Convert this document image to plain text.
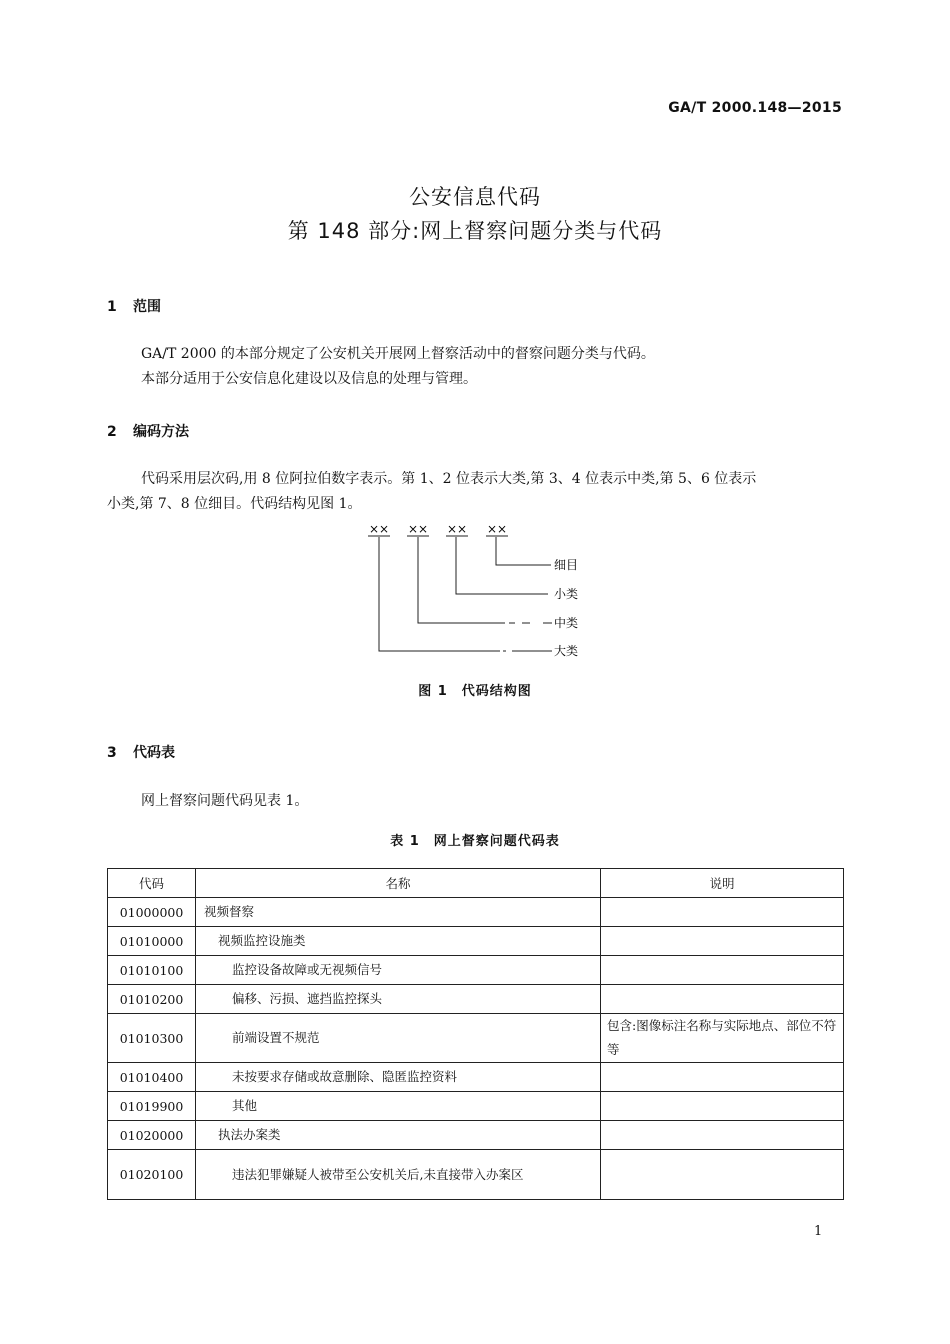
GA/T 2000.148—2015
公安信息代码
第 148 部分:网上督察问题分类与代码
1 范围
GA/T 2000 的本部分规定了公安机关开展网上督察活动中的督察问题分类与代码。
本部分适用于公安信息化建设以及信息的处理与管理。
2 编码方法
代码采用层次码,用 8 位阿拉伯数字表示。第 1、2 位表示大类,第 3、4 位表示中类,第 5、6 位表示
小类,第 7、8 位细目。代码结构见图 1。
×× ×× ×× ××
细目
小类
中类
大类
图 1　代码结构图
3 代码表
网上督察问题代码见表 1。
表 1　网上督察问题代码表
代码	名称	说明
01000000	视频督察	
01010000	视频监控设施类	
01010100	监控设备故障或无视频信号	
01010200	偏移、污损、遮挡监控探头	
01010300	前端设置不规范	包含:图像标注名称与实际地点、部位不符等
01010400	未按要求存储或故意删除、隐匿监控资料	
01019900	其他	
01020000	执法办案类	
01020100	违法犯罪嫌疑人被带至公安机关后,未直接带入办案区	
1
